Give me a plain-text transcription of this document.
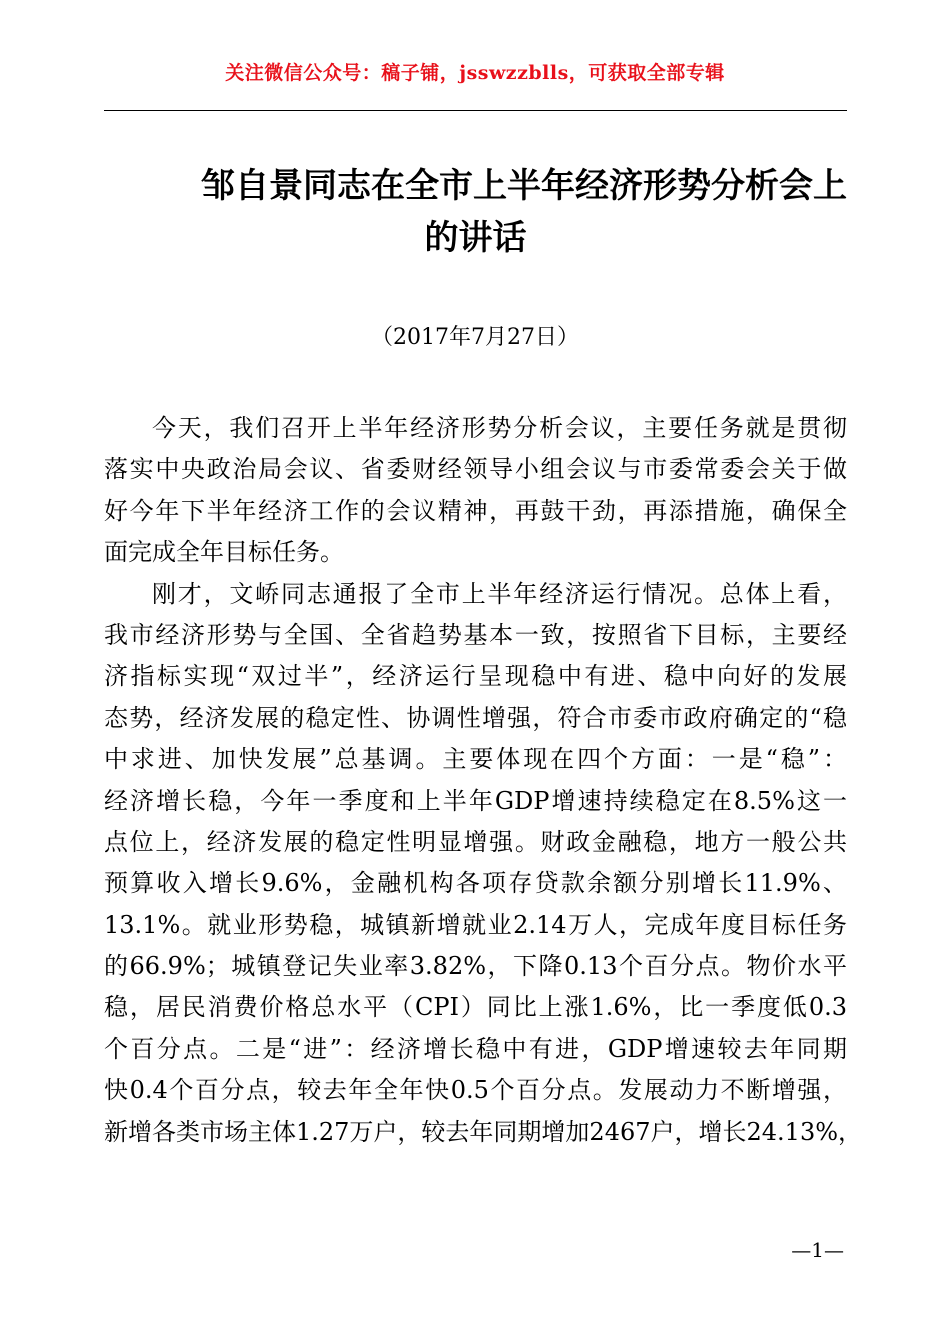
关注微信公众号：稿子铺，jsswzzblls，可获取全部专辑
邹自景同志在全市上半年经济形势分析会上
的讲话
（2017年7月27日）
今天，我们召开上半年经济形势分析会议，主要任务就是贯彻
落实中央政治局会议、省委财经领导小组会议与市委常委会关于做
好今年下半年经济工作的会议精神，再鼓干劲，再添措施，确保全
面完成全年目标任务。
刚才，文峤同志通报了全市上半年经济运行情况。总体上看，
我市经济形势与全国、全省趋势基本一致，按照省下目标，主要经
济指标实现“双过半”，经济运行呈现稳中有进、稳中向好的发展
态势，经济发展的稳定性、协调性增强，符合市委市政府确定的“稳
中求进、加快发展”总基调。主要体现在四个方面：一是“稳”：
经济增长稳，今年一季度和上半年GDP增速持续稳定在8.5%这一
点位上，经济发展的稳定性明显增强。财政金融稳，地方一般公共
预算收入增长9.6%，金融机构各项存贷款余额分别增长11.9%、
13.1%。就业形势稳，城镇新增就业2.14万人，完成年度目标任务
的66.9%；城镇登记失业率3.82%，下降0.13个百分点。物价水平
稳，居民消费价格总水平（CPI）同比上涨1.6%，比一季度低0.3
个百分点。二是“进”：经济增长稳中有进，GDP增速较去年同期
快0.4个百分点，较去年全年快0.5个百分点。发展动力不断增强，
新增各类市场主体1.27万户，较去年同期增加2467户，增长24.13%，
—1—
